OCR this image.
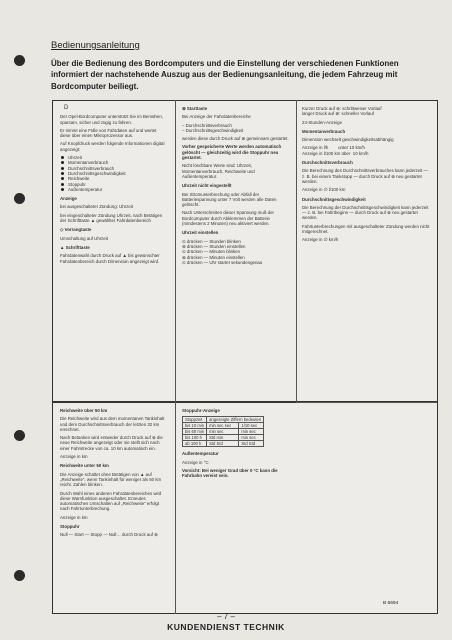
Bedienungsanleitung
Über die Bedienung des Bordcomputers und die Einstellung der verschiedenen Funktionen informiert der nachstehende Auszug aus der Bedienungsanleitung, die jedem Fahrzeug mit Bordcomputer beiliegt.

D

Der Opel-Bordcomputer unterstützt Sie im Bemühen, sparsam, sicher und zügig zu fahren.

Er nimmt eine Fülle von Fahrdaten auf und wertet diese über einen Mikroprozessor aus.

Auf Knopfdruck werden folgende Informationen digital angezeigt:

Uhrzeit
Momentanverbrauch
Durchschnittsverbrauch
Durchschnittsgeschwindigkeit
Reichweite
Stoppuhr
Außentemperatur

Anzeige

bei ausgeschalteter Zündung: Uhrzeit

bei eingeschalteter Zündung Uhrzeit, nach Betätigen der Schrifttaste ▲ gewählter Fahrdatenbereich

◇ Vorrangtaste

Umschaltung auf Uhrzeit

▲ Schrifttaste

Fahrdatenwahl durch Druck auf ▲ bis gewünschter Fahrdatenbereich durch Dimension angezeigt wird.

⊗ Starttaste

Bei Anzeige der Fahrdatenbereiche

– Durchschnittsverbrauch
– Durchschnittsgeschwindigkeit

werden diese durch Druck auf ⊗ gemeinsam gestartet.

Vorher gespeicherte Werte werden automatisch gelöscht — gleichzeitig wird die Stoppuhr neu gestartet.

Nicht löschbare Werte sind: Uhrzeit, Momentanverbrauch, Reichweite und Außentemperatur.

Uhrzeit nicht eingestellt

Bei Stromunterbrechung oder Abfall der Batteriespannung unter 7 Volt werden alle Daten gelöscht.

Nach Unterschreiten dieser Spannung muß der Bordcomputer durch Abklemmen der Batterie (mindestens 2 Minuten) neu aktiviert werden.

Uhrzeit einstellen

⊙ drücken — Stunden blinken
⊗ drücken — Stunden einstellen
⊙ drücken — Minuten blinken
⊗ drücken — Minuten einstellen
⊙ drücken — Uhr startet sekundengenau

Kurzer Druck auf ⊗: schrittweiser Vorlauf
langer Druck auf ⊗: schneller Vorlauf

24-Stunden-Anzeige

Momentanverbrauch

Dimension wechselt geschwindigkeitsabhängig

Anzeige in l/h        unter 10 km/h
Anzeige in l/100 km über  10 km/h

Durchschnittsverbrauch

Die Berechnung des Durchschnittsverbrauches kann jederzeit — z. B. bei einem Tankstopp — durch Druck auf ⊗ neu gestartet werden.

Anzeige in ∅ l/100 km

Durchschnittsgeschwindigkeit

Die Berechnung der Durchschnittsgeschwindigkeit kann jederzeit — z. B. bei Fahrtbeginn — durch Druck auf ⊗ neu gestartet werden.

Fahrtunterbrechungen mit ausgeschalteter Zündung werden nicht mitgerechnet.

Anzeige in ∅ km/h

Reichweite über 50 km

Die Reichweite wird aus dem momentanen Tankinhalt und dem Durchschnittsverbrauch der letzten 32 km errechnet.

Nach Betanken wird entweder durch Druck auf ⊗ die neue Reichweite angezeigt oder sie stellt sich nach einer Fahrstrecke von ca. 10 km automatisch ein.

Anzeige in km

Reichweite unter 50 km

Die Anzeige schaltet ohne Betätigen von ▲ auf „Reichweite“, wenn Tankinhalt für weniger als 50 km reicht. Zahlen blinken.

Durch Wahl eines anderen Fahrdatenbereiches wird diese Warnfunktion ausgeschaltet. Erneutes automatisches Umschalten auf „Reichweite“ erfolgt nach Fahrtunterbrechung.

Anzeige in km

Stoppuhr

Null — Start — Stopp — Null… durch Druck auf ⊗

Stoppuhr-Anzeige

Stoppzeit	angezeigte Ziffern bedeuten	
bis 10 min	min sec sec	1/10 sec
bis 60 min	min sec	min sec
bis 100 h	Std min	min sec
ab 100 h	Std Std	Std Std

Außentemperatur

Anzeige in °C

Vorsicht: Bei weniger Grad über 0 °C kann die Fahrbahn vereist sein.

B 6694
– 7 –
KUNDENDIENST TECHNIK
